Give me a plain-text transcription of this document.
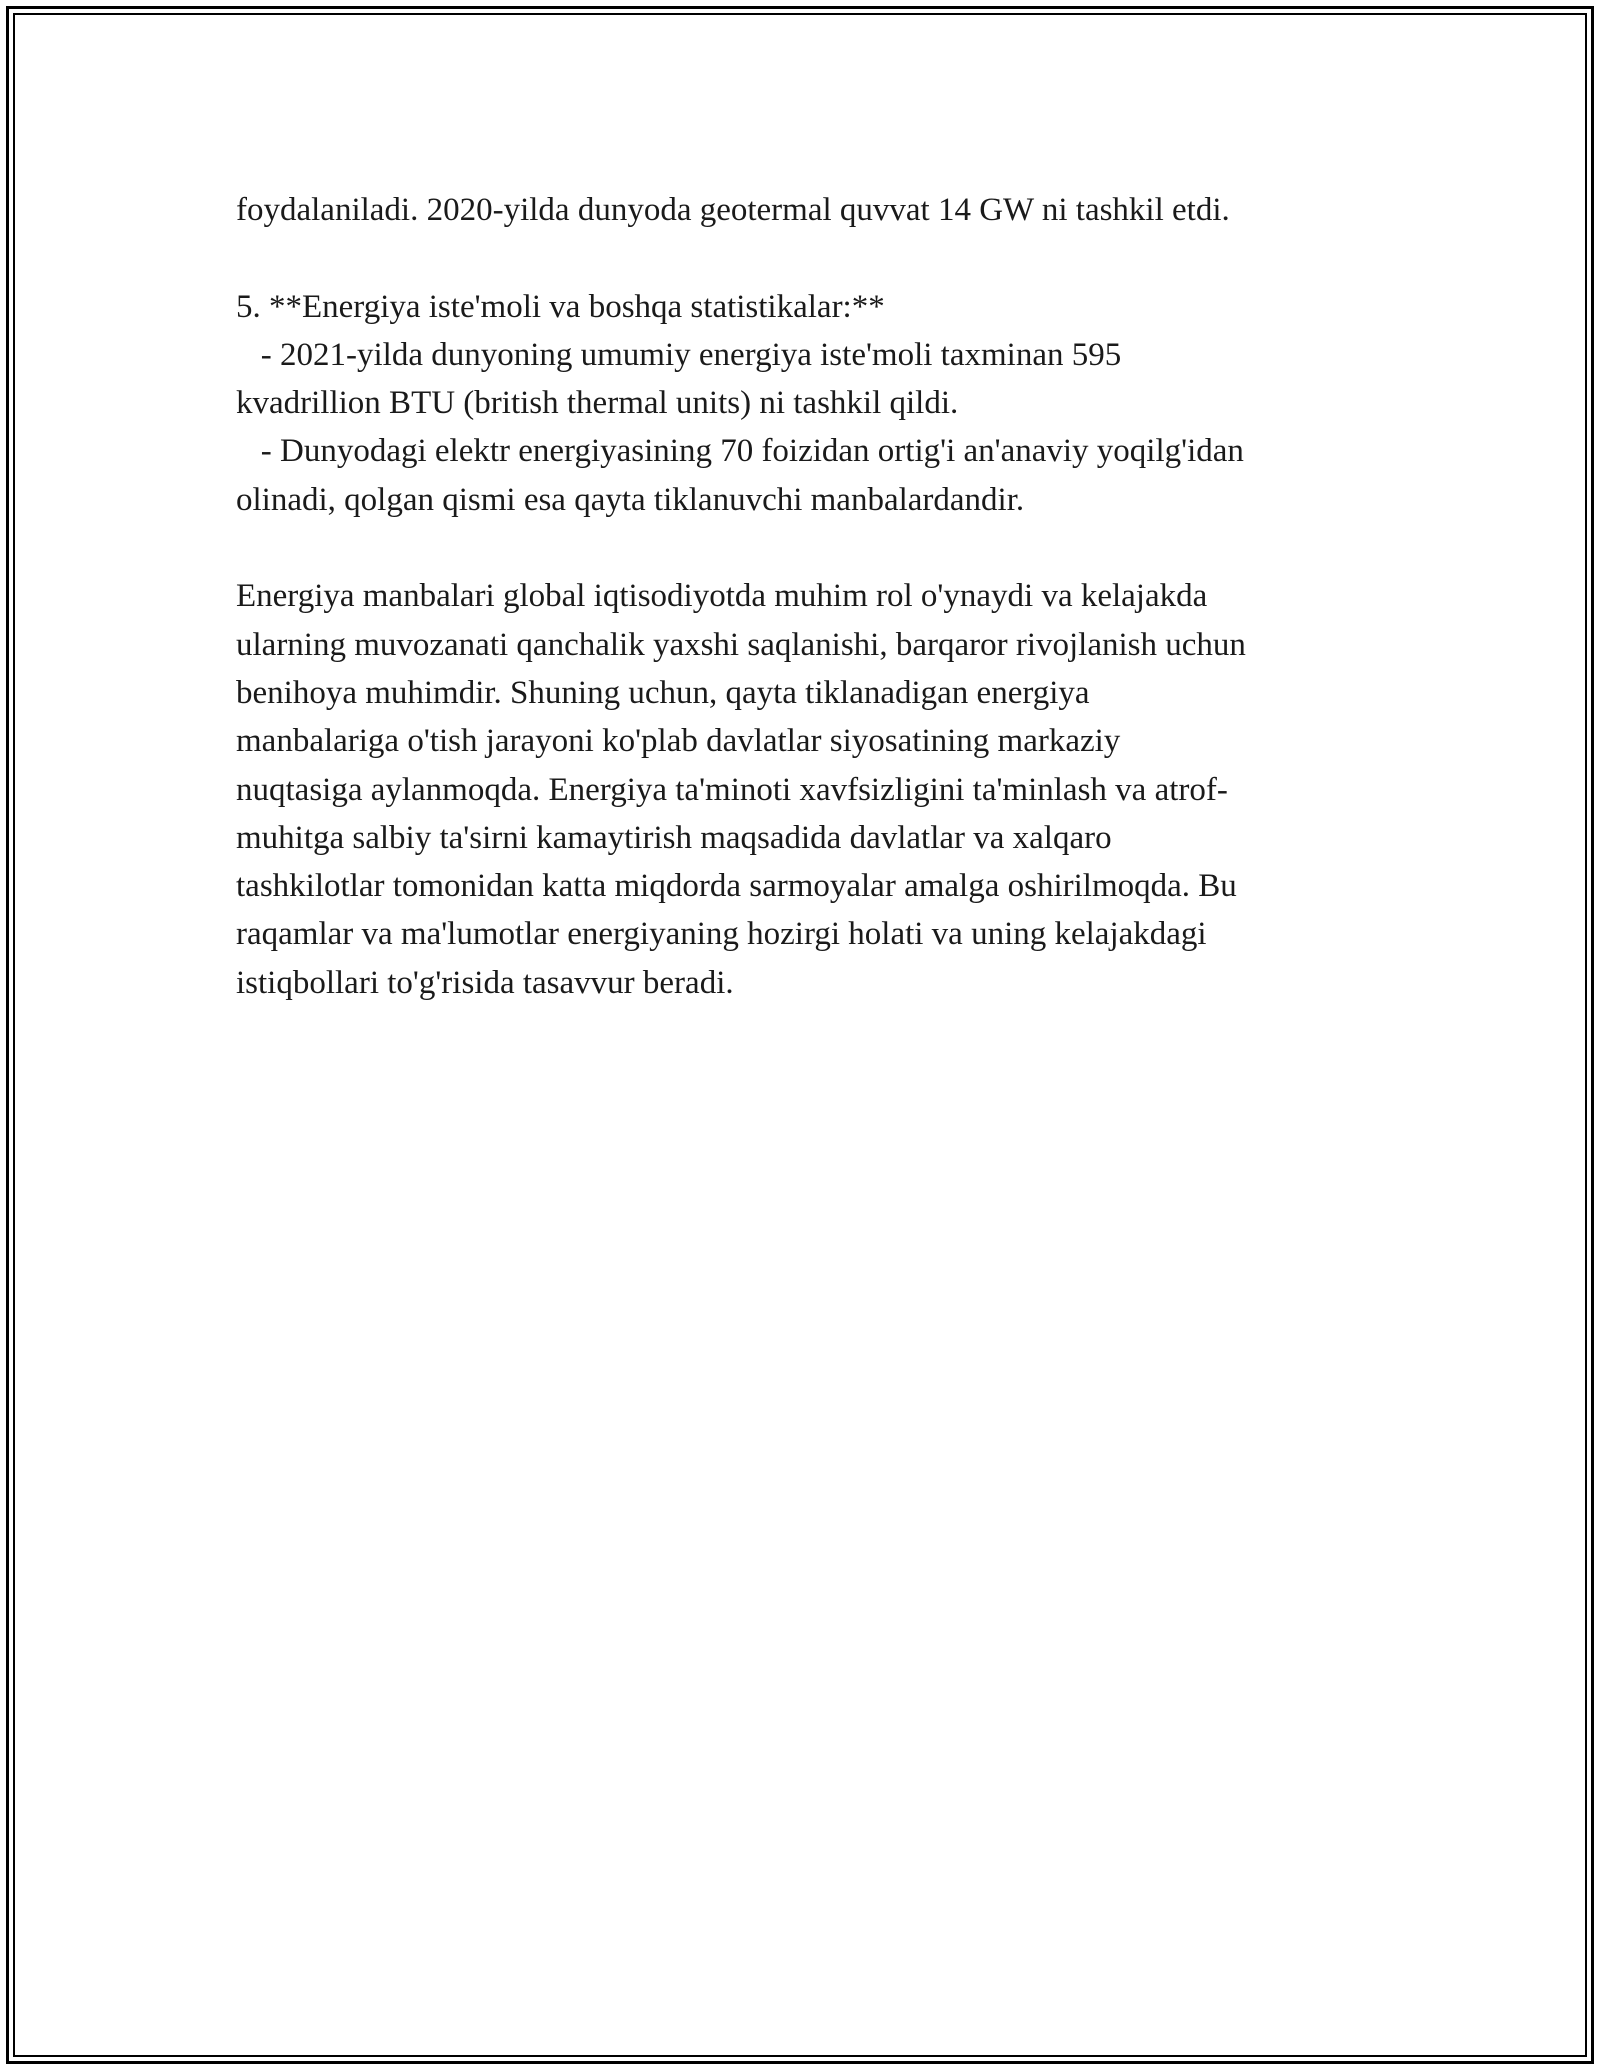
foydalaniladi. 2020-yilda dunyoda geotermal quvvat 14 GW ni tashkil etdi.
5. **Energiya iste'moli va boshqa statistikalar:**
- 2021-yilda dunyoning umumiy energiya iste'moli taxminan 595
kvadrillion BTU (british thermal units) ni tashkil qildi.
- Dunyodagi elektr energiyasining 70 foizidan ortig'i an'anaviy yoqilg'idan
olinadi, qolgan qismi esa qayta tiklanuvchi manbalardandir.
Energiya manbalari global iqtisodiyotda muhim rol o'ynaydi va kelajakda
ularning muvozanati qanchalik yaxshi saqlanishi, barqaror rivojlanish uchun
benihoya muhimdir. Shuning uchun, qayta tiklanadigan energiya
manbalariga o'tish jarayoni ko'plab davlatlar siyosatining markaziy
nuqtasiga aylanmoqda. Energiya ta'minoti xavfsizligini ta'minlash va atrof-
muhitga salbiy ta'sirni kamaytirish maqsadida davlatlar va xalqaro
tashkilotlar tomonidan katta miqdorda sarmoyalar amalga oshirilmoqda. Bu
raqamlar va ma'lumotlar energiyaning hozirgi holati va uning kelajakdagi
istiqbollari to'g'risida tasavvur beradi.
